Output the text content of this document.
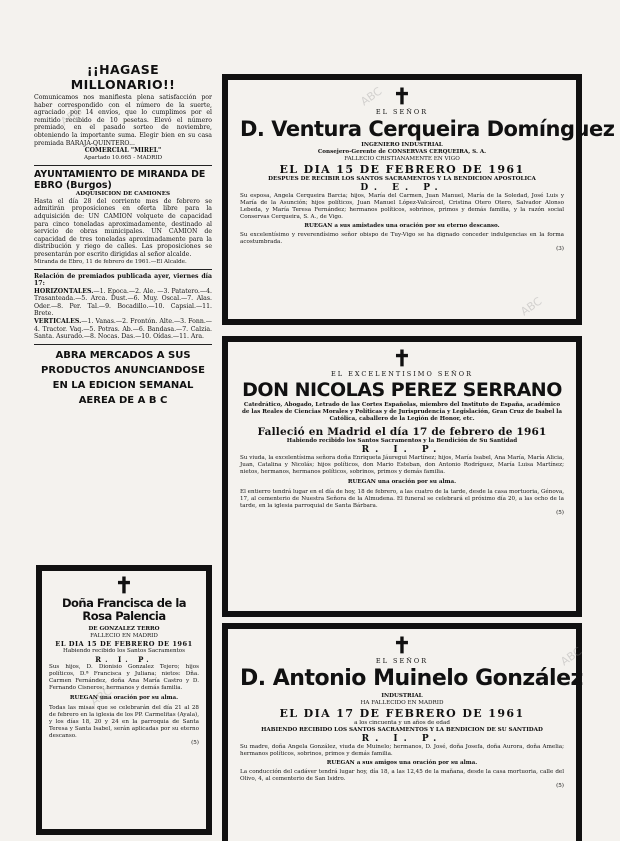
¡¡HAGASE MILLONARIO!!
Comunicamos nos manifiesta plena satisfacción por haber correspondido con el número de la suerte, agraciado por 14 envíos, que lo cumplimos por el remitido recibido de 10 pesetas. Elevó el número premiado, en el pasado sorteo de noviembre, obteniendo la importante suma. Elegir bien en su casa premiada BARAJA-QUINTERO...
COMERCIAL "MIREL"
Apartado 10.665 - MADRID
AYUNTAMIENTO DE MIRANDA DE EBRO (Burgos)
ADQUISICION DE CAMIONES
Hasta el día 28 del corriente mes de febrero se admitirán proposiciones en oferta libre para la adquisición de: UN CAMION volquete de capacidad para cinco toneladas aproximadamente, destinado al servicio de obras municipales. UN CAMION de capacidad de tres toneladas aproximadamente para la distribución y riego de calles. Las proposiciones se presentarán por escrito dirigidas al señor alcalde.
Miranda de Ebro, 11 de febrero de 1961.—El Alcalde.
Relación de premiados publicada ayer, viernes día 17:
HORIZONTALES.—1. Epoca.—2. Ale. —3. Patatero.—4. Trasanteada.—5. Arca. Dust.—6. Muy. Oscal.—7. Alas. Oder.—8. Per. Tal.—9. Bocadillo.—10. Capsial.—11. Brete.
VERTICALES.—1. Vanas.—2. Frontón. Alte.—3. Fonn.—4. Tractor. Vaq.—5. Potras. Ab.—6. Bandasa.—7. Calzia. Santa. Asurado.—8. Nocas. Das.—10. Oídas.—11. Ara.
ABRA MERCADOS A SUS PRODUCTOS ANUNCIANDOSE EN LA EDICION SEMANAL AEREA DE A B C
✝
Doña Francisca de la Rosa Palencia
DE GONZALEZ TERRO
FALLECIO EN MADRID
EL DIA 15 DE FEBRERO DE 1961
Habiendo recibido los Santos Sacramentos
R. I. P.
Sus hijos, D. Dionisio Gonzalez Tejero; hijos políticos, D.ª Francisca y Juliana; nietos: Dña. Carmen Fernández, doña Ana María Castro y D. Fernando Cisneros; hermanos y demás familia.
RUEGAN una oración por su alma.
Todas las misas que se celebrarán del día 21 al 28 de febrero en la iglesia de los PP. Carmelitas (Ayala), y los días 18, 20 y 24 en la parroquia de Santa Teresa y Santa Isabel, serán aplicadas por su eterno descanso.
(5)
✝
EL SEÑOR
D. Ventura Cerqueira Domínguez
INGENIERO INDUSTRIAL
Consejero-Gerente de CONSERVAS CERQUEIRA, S. A.
FALLECIO CRISTIANAMENTE EN VIGO
EL DIA 15 DE FEBRERO DE 1961
DESPUES DE RECIBIR LOS SANTOS SACRAMENTOS Y LA BENDICION APOSTOLICA
D. E. P.
Su esposa, Angela Cerqueira Barcia; hijos, María del Carmen, Juan Manuel, María de la Soledad, José Luis y María de la Asunción; hijos políticos, Juan Manuel López-Valcárcel, Cristina Otero Otero, Salvador Alonso Lebeda, y María Teresa Fernández; hermanos políticos, sobrinos, primos y demás familia, y la razón social Conservas Cerqueira, S. A., de Vigo.
RUEGAN a sus amistades una oración por su eterno descanso.
Su excelentísimo y reverendísimo señor obispo de Tuy-Vigo se ha dignado conceder indulgencias en la forma acostumbrada.
(3)
✝
EL EXCELENTISIMO SEÑOR
DON NICOLAS PEREZ SERRANO
Catedrático, Abogado, Letrado de las Cortes Españolas, miembro del Instituto de España, académico de las Reales de Ciencias Morales y Políticas y de Jurisprudencia y Legislación, Gran Cruz de Isabel la Católica, caballero de la Legión de Honor, etc.
Falleció en Madrid el día 17 de febrero de 1961
Habiendo recibido los Santos Sacramentos y la Bendición de Su Santidad
R. I. P.
Su viuda, la excelentísima señora doña Enriqueta Jáuregui Martínez; hijos, María Isabel, Ana María, María Alicia, Juan, Catalina y Nicolás; hijos políticos, don Mario Esteban, don Antonio Rodríguez, María Luisa Martínez; nietos, hermanos, hermanos políticos, sobrinos, primos y demás familia.
RUEGAN una oración por su alma.
El entierro tendrá lugar en el día de hoy, 18 de febrero, a las cuatro de la tarde, desde la casa mortuoria, Génova, 17, al cementerio de Nuestra Señora de la Almudena. El funeral se celebrará el próximo día 20, a las ocho de la tarde, en la iglesia parroquial de Santa Bárbara.
(5)
✝
EL SEÑOR
D. Antonio Muinelo González
INDUSTRIAL
HA FALLECIDO EN MADRID
EL DIA 17 DE FEBRERO DE 1961
a los cincuenta y un años de edad
HABIENDO RECIBIDO LOS SANTOS SACRAMENTOS Y LA BENDICION DE SU SANTIDAD
R. I. P.
Su madre, doña Angela González, viuda de Muinelo; hermanos, D. José, doña Josefa, doña Aurora, doña Amelia; hermanos políticos, sobrinos, primos y demás familia.
RUEGAN a sus amigos una oración por su alma.
La conducción del cadáver tendrá lugar hoy, día 18, a las 12,45 de la mañana, desde la casa mortuoria, calle del Olivo, 4, al cementerio de San Isidro.
(5)
ABC
ABC
ABC
ABC
ABC
